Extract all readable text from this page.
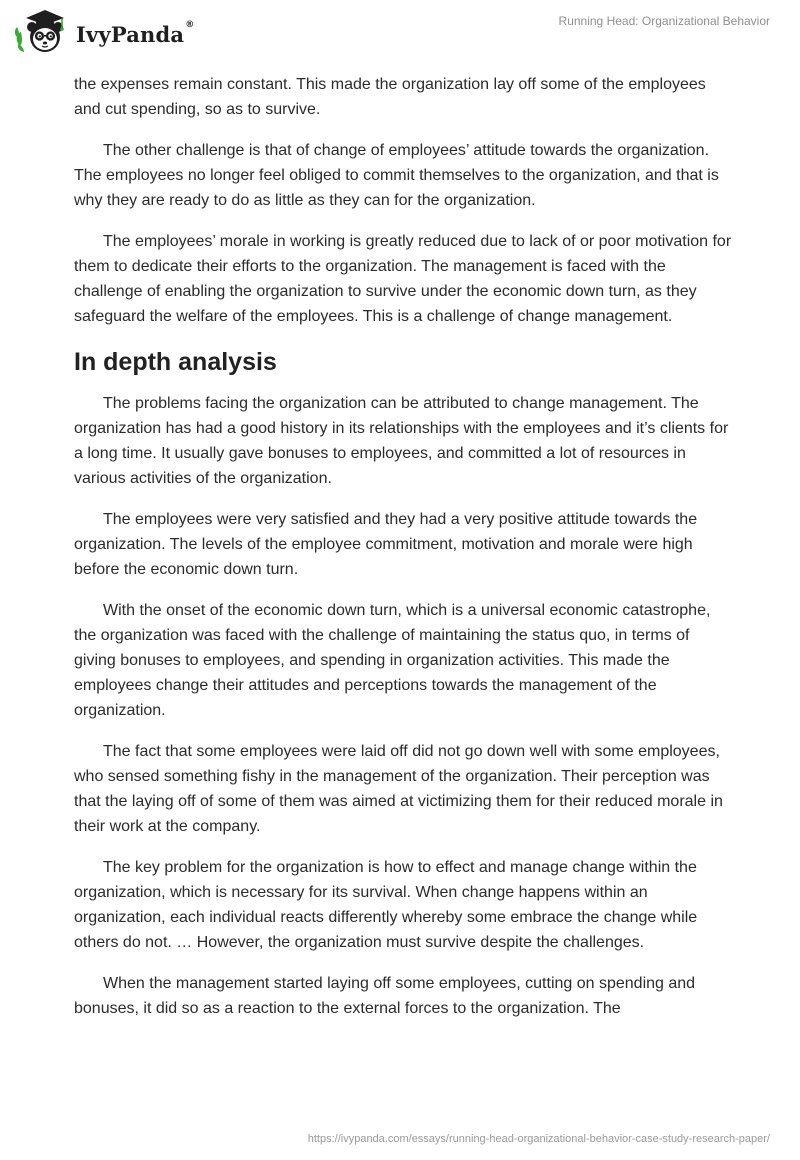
IvyPanda ®	Running Head: Organizational Behavior

the expenses remain constant. This made the organization lay off some of the employees and cut spending, so as to survive.

The other challenge is that of change of employees’ attitude towards the organization. The employees no longer feel obliged to commit themselves to the organization, and that is why they are ready to do as little as they can for the organization.

The employees’ morale in working is greatly reduced due to lack of or poor motivation for them to dedicate their efforts to the organization. The management is faced with the challenge of enabling the organization to survive under the economic down turn, as they safeguard the welfare of the employees. This is a challenge of change management.

In depth analysis

The problems facing the organization can be attributed to change management. The organization has had a good history in its relationships with the employees and it’s clients for a long time. It usually gave bonuses to employees, and committed a lot of resources in various activities of the organization.

The employees were very satisfied and they had a very positive attitude towards the organization. The levels of the employee commitment, motivation and morale were high before the economic down turn.

With the onset of the economic down turn, which is a universal economic catastrophe, the organization was faced with the challenge of maintaining the status quo, in terms of giving bonuses to employees, and spending in organization activities. This made the employees change their attitudes and perceptions towards the management of the organization.

The fact that some employees were laid off did not go down well with some employees, who sensed something fishy in the management of the organization. Their perception was that the laying off of some of them was aimed at victimizing them for their reduced morale in their work at the company.

The key problem for the organization is how to effect and manage change within the organization, which is necessary for its survival. When change happens within an organization, each individual reacts differently whereby some embrace the change while others do not. … However, the organization must survive despite the challenges.

When the management started laying off some employees, cutting on spending and bonuses, it did so as a reaction to the external forces to the organization. The

https://ivypanda.com/essays/running-head-organizational-behavior-case-study-research-paper/
